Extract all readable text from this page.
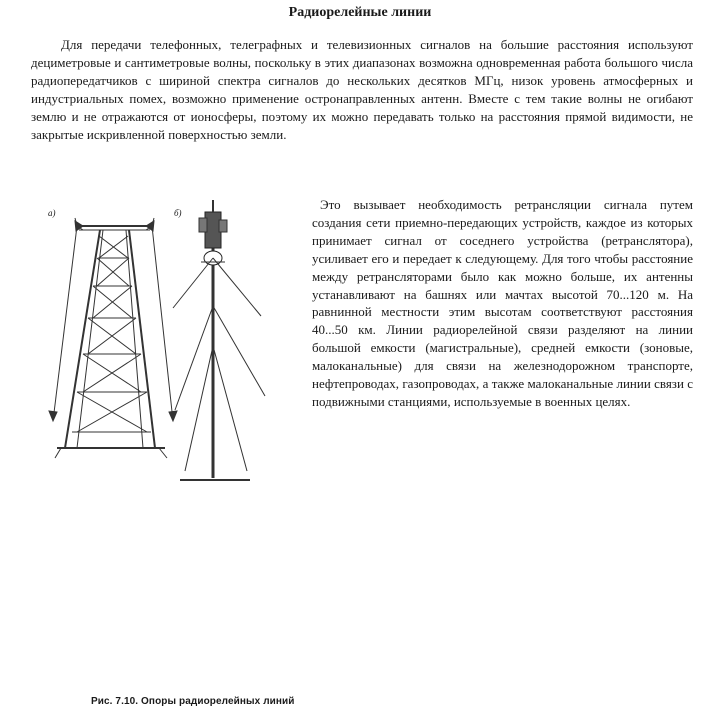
Радиорелейные линии

Для передачи телефонных, телеграфных и телевизионных сигналов на большие расстояния используют дециметровые и сантиметровые волны, поскольку в этих диапазонах возможна одновременная работа большого числа радиопередатчиков с шириной спектра сигналов до нескольких десятков МГц, низок уровень атмосферных и индустриальных помех, возможно применение остронаправленных антенн. Вместе с тем такие волны не огибают землю и не отражаются от ионосферы, поэтому их можно передавать только на расстояния прямой видимости, не закрытые искривленной поверхностью земли.

Это вызывает необходимость ретрансляции сигнала путем создания сети приемно-передающих устройств, каждое из которых принимает сигнал от соседнего устройства (ретранслятора), усиливает его и передает к следующему. Для того чтобы расстояние между ретрансляторами было как можно больше, их антенны устанавливают на башнях или мачтах высотой 70...120 м. На равнинной местности этим высотам соответствуют расстояния 40...50 км. Линии радиорелейной связи разделяют на линии большой емкости (магистральные), средней емкости (зоновые, малоканальные) для связи на железнодорожном транспорте, нефтепроводах, газопроводах, а также малоканальные линии связи с подвижными станциями, используемые в военных целях.

а)	б)
Рис. 7.10. Опоры радиорелейных линий
